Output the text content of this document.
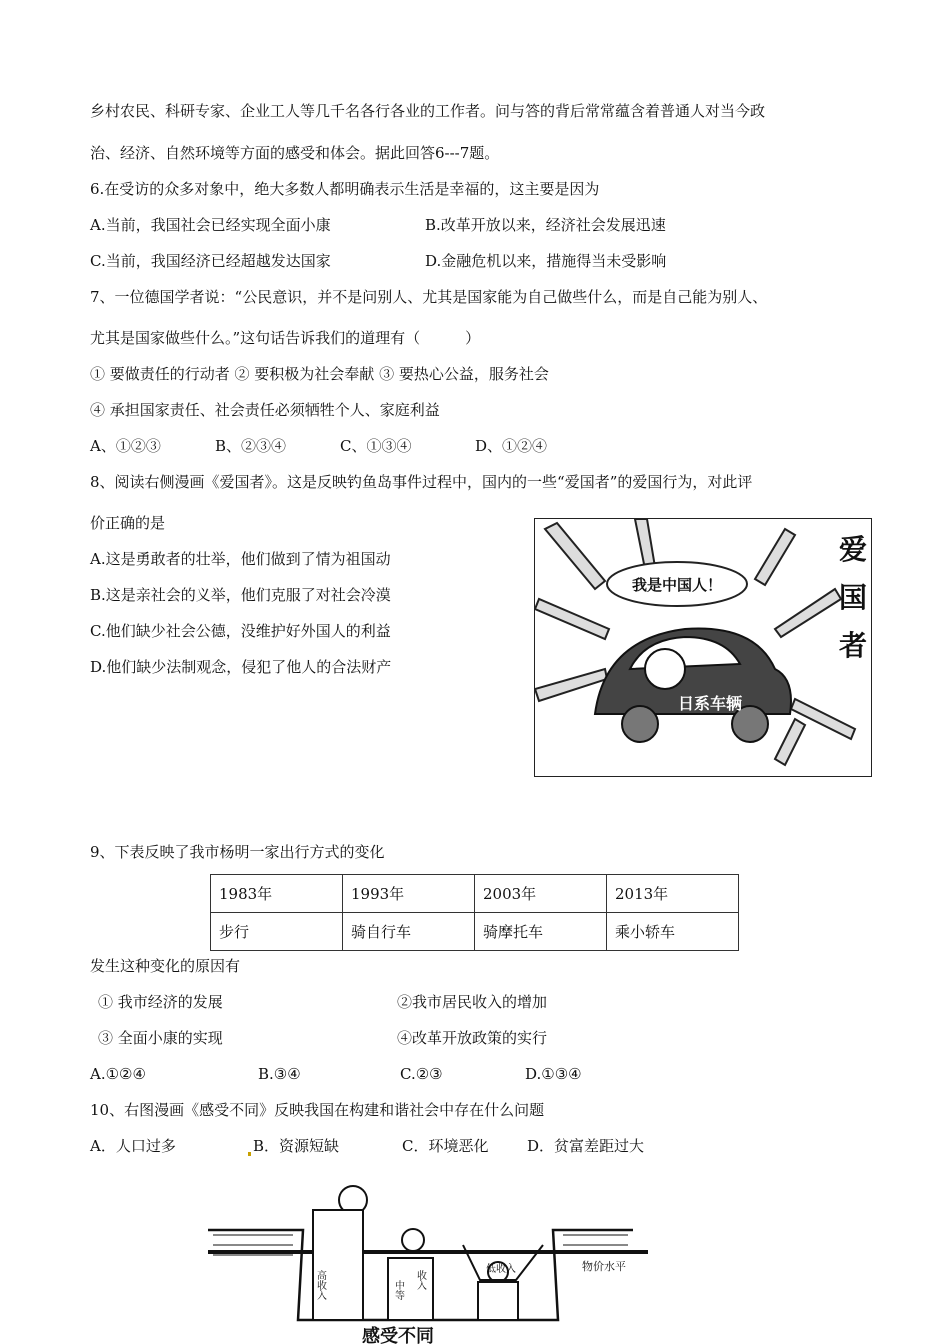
乡村农民、科研专家、企业工人等几千名各行各业的工作者。问与答的背后常常蕴含着普通人对当今政
治、经济、自然环境等方面的感受和体会。据此回答6---7题。
6.在受访的众多对象中，绝大多数人都明确表示生活是幸福的，这主要是因为
A.当前，我国社会已经实现全面小康	B.改革开放以来，经济社会发展迅速
C.当前，我国经济已经超越发达国家	D.金融危机以来，措施得当未受影响
7、一位德国学者说：“公民意识，并不是问别人、尤其是国家能为自己做些什么，而是自己能为别人、
尤其是国家做些什么。”这句话告诉我们的道理有（　　　）
① 要做责任的行动者 ② 要积极为社会奉献 ③ 要热心公益，服务社会
④ 承担国家责任、社会责任必须牺牲个人、家庭利益
A、①②③	B、②③④	C、①③④	D、①②④
8、阅读右侧漫画《爱国者》。这是反映钓鱼岛事件过程中，国内的一些“爱国者”的爱国行为，对此评
价正确的是
A.这是勇敢者的壮举，他们做到了情为祖国动
B.这是亲社会的义举，他们克服了对社会冷漠
C.他们缺少社会公德，没维护好外国人的利益
D.他们缺少法制观念，侵犯了他人的合法财产
我是中国人！
日系车辆
爱
国
者
9、下表反映了我市杨明一家出行方式的变化
1983年	1993年	2003年	2013年
步行	骑自行车	骑摩托车	乘小轿车
发生这种变化的原因有
① 我市经济的发展	②我市居民收入的增加
③ 全面小康的实现	④改革开放政策的实行
A.①②④	B.③④	C.②③	D.①③④
10、右图漫画《感受不同》反映我国在构建和谐社会中存在什么问题
A．人口过多	B．资源短缺	C．环境恶化	D．贫富差距过大
物价水平
高收入	中等 收入
低收入
感受不同
